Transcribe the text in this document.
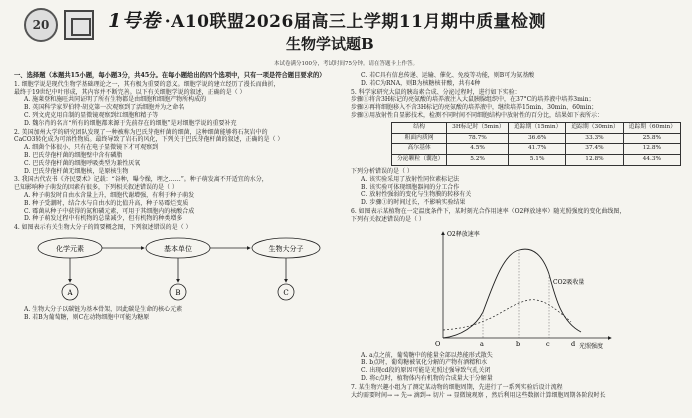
20	1号卷 ·A10联盟2026届高三上学期11月期中质量检测
生物学试题B
本试卷满分100分，考试时间75分钟。请在答题卡上作答。
一、选择题（本题共15小题，每小题3分，共45分。在每小题给出的四个选项中，只有一项是符合题目要求的）
1. 细胞学说是现代生物学基础理论之一，其有极为重要的意义。细胞学说的建立经历了漫长而曲折，
最终于19世纪中叶形成，其内容并不断完善。以下有关细胞学说的叙述，正确的是（ ）
A. 施莱登和施旺共同证明了所有生物都是由细胞和细胞产物所构成的
B. 英国科学家罗伯特·胡克第一次观察到了活细胞并为之命名
C. 列文虎克用自制的显微镜观察到红细胞和精子等
D. 魏尔肖的名言“所有的细胞都来源于先前存在的细胞”是对细胞学说的重要补充
2. 美国加州大学的研究团队发现了一种被称为巴氏芽孢杆菌的细菌，这种细菌能够将石灰岩中的
CaCO3转化成为可溶性物质。最终导致了岩石的风化，下列关于巴氏芽孢杆菌的叙述，正确的是（ ）
A. 细菌个体很小，只有在电子显微镜下才可观察到
B. 巴氏芽孢杆菌的细胞壁中含有磷脂
C. 巴氏芽孢杆菌的细胞呼吸类型为兼性厌氧
D. 巴氏芽孢杆菌无细胞核，是原核生物
3. 我国古代农书《齐民要术》记载：“谷种，曝令燥，埋之……”。种子萌发离不开适宜的水分，
已知影响种子萌发的因素有很多，下列相关叙述错误的是（ ）
A. 种子萌发时自由水含量上升，细胞代谢增强，有利于种子萌发
B. 种子受潮时，结合水与自由水的比值升高，种子易霉烂变质
C. 霉菌从种子中获得的氮和磷元素，可用于其细胞内的核酸合成
D. 种子萌发过程中有机物的总量减少，但有机物的种类增多
4. 如图表示有关生物大分子的简要概念图，下列叙述错误的是（ ）
化学元素	基本单位	生物大分子
A	B	C
A. 生物大分子以碳链为基本骨架，因此碳是生命的核心元素
B. 若B为葡萄糖，则C在动物细胞中可能为糖原
C. 若C具有信息传递、运输、催化、免疫等功能，则B可为氨基酸
D. 若C为RNA，则B为核糖核苷酸，共有4种
5. 科学家研究大鼠的胰岛素合成、分泌过程时，进行如下实验：
步骤①将含3H标记的亮氨酸的培养液注入大鼠胰腺组织中，在37°C的培养液中培养3min；
步骤②再将细胞移入不含3H标记的亮氨酸的培养液中，继续培养15min、30min、60min；
步骤③用放射性自显影技术，检测不同时间不同细胞结构中放射性的百分比，结果如下表所示：
结构	3H标记时（5min）	追踪期（15min）	追踪期（30min）	追踪期（60min）
粗面内质网	78.7%	36.6%	33.3%	25.8%
高尔基体	4.5%	41.7%	37.4%	12.8%
分泌颗粒（囊泡）	5.2%	5.1%	12.8%	44.3%
下列分析错误的是（ ）
A. 该实验采用了放射性同位素标记法
B. 该实验可体现细胞器间的分工合作
C. 放射性强弱的变化与生物膜的转移有关
D. 步骤①的时间过长，不影响实验结果
6. 如图表示某植物在一定温度条件下，某时刻光合作用速率（O2释放速率）随光照强度的变化曲线图，
下列有关叙述错误的是（ ）
O
O2释放速率
光照强度
a	b	c	d
CO2吸收量
A. a点之前，葡萄糖中的能量全部以热能形式散失
B. b点时，葡萄糖被氧化分解的产物有酒精和水
C. 出现cd段的原因可能是光照过强导致气孔关闭
D. 将c点时，植物体内有机物的合成量大于分解量
7. 某生物兴趣小组为了测定某动物的细胞周期，先进行了一系列实验后设计流程
大约需要时间→ → 先→ 滴到→ 切片 → 显微镜观察 ，然后利用这些数据计算细胞周期各阶段时长
